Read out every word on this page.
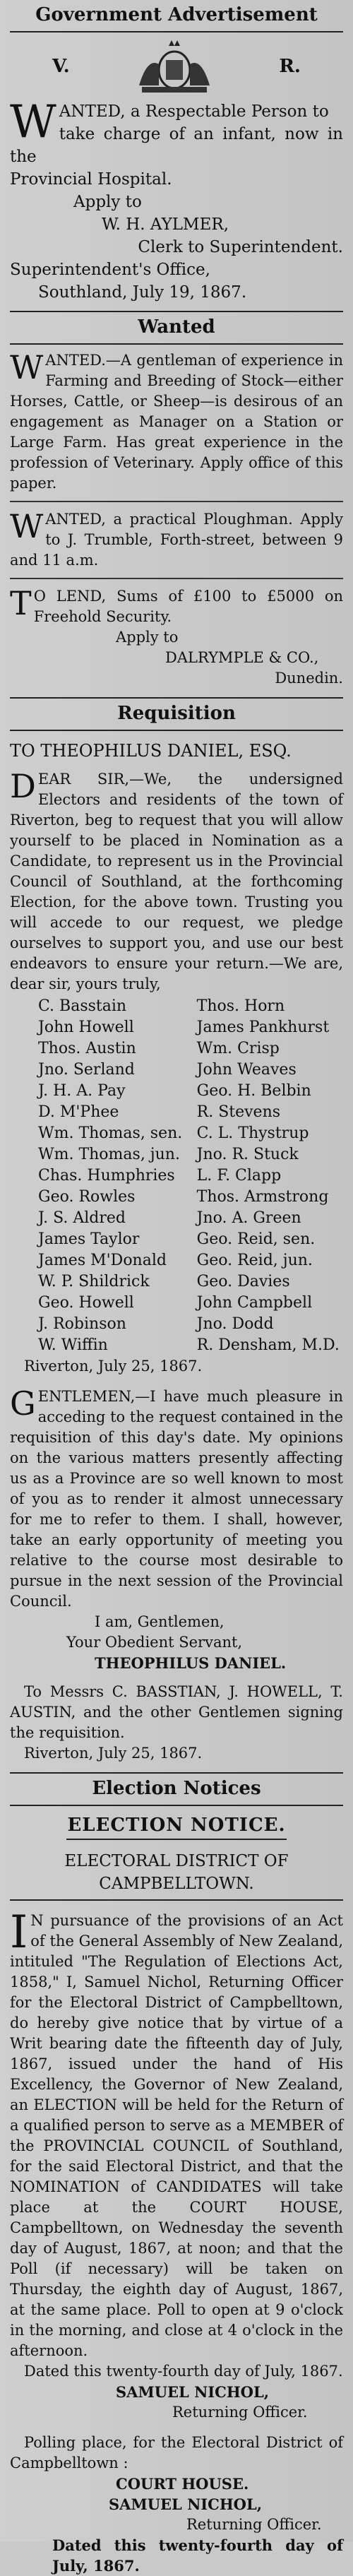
Government Advertisement
V.	R.
W ANTED, a Respectable Person to
take charge of an infant, now in the

Provincial Hospital.
Apply to
W. H. AYLMER,
Clerk to Superintendent.
Superintendent's Office,
Southland, July 19, 1867.
Wanted
WANTED.—A gentleman of experience in Farming and Breeding of Stock—either Horses, Cattle, or Sheep—is desirous of an engagement as Manager on a Station or Large Farm. Has great experience in the profession of Veterinary. Apply office of this paper.
WANTED, a practical Ploughman. Apply to J. Trumble, Forth-street, between 9 and 11 a.m.
T O LEND, Sums of £100 to £5000 on Freehold Security.
Apply to
DALRYMPLE & CO.,
Dunedin.
Requisition
TO THEOPHILUS DANIEL, ESQ.
DEAR SIR,—We, the undersigned Electors and residents of the town of Riverton, beg to request that you will allow yourself to be placed in Nomination as a Candidate, to represent us in the Provincial Council of Southland, at the forthcoming Election, for the above town. Trusting you will accede to our request, we pledge ourselves to support you, and use our best endeavors to ensure your return.—We are, dear sir, yours truly,
C. Basstain
John Howell
Thos. Austin
Jno. Serland
J. H. A. Pay
D. M'Phee
Wm. Thomas, sen.
Wm. Thomas, jun.
Chas. Humphries
Geo. Rowles
J. S. Aldred
James Taylor
James M'Donald
W. P. Shildrick
Geo. Howell
J. Robinson
W. Wiffin
Thos. Horn
James Pankhurst
Wm. Crisp
John Weaves
Geo. H. Belbin
R. Stevens
C. L. Thystrup
Jno. R. Stuck
L. F. Clapp
Thos. Armstrong
Jno. A. Green
Geo. Reid, sen.
Geo. Reid, jun.
Geo. Davies
John Campbell
Jno. Dodd
R. Densham, M.D.
Riverton, July 25, 1867.
GENTLEMEN,—I have much pleasure in acceding to the request contained in the requisition of this day's date. My opinions on the various matters presently affecting us as a Province are so well known to most of you as to render it almost unnecessary for me to refer to them. I shall, however, take an early opportunity of meeting you relative to the course most desirable to pursue in the next session of the Provincial Council.
I am, Gentlemen,
Your Obedient Servant,
THEOPHILUS DANIEL.
To Messrs C. BASSTIAN, J. HOWELL, T. AUSTIN, and the other Gentlemen signing the requisition.
Riverton, July 25, 1867.
Election Notices
ELECTION NOTICE.
ELECTORAL DISTRICT OF CAMPBELLTOWN.
I N pursuance of the provisions of an Act of the General Assembly of New Zealand, intituled "The Regulation of Elections Act, 1858," I, Samuel Nichol, Returning Officer for the Electoral District of Campbelltown, do hereby give notice that by virtue of a Writ bearing date the fifteenth day of July, 1867, issued under the hand of His Excellency, the Governor of New Zealand, an ELECTION will be held for the Return of a qualified person to serve as a MEMBER of the PROVINCIAL COUNCIL of Southland, for the said Electoral District, and that the NOMINATION of CANDIDATES will take place at the COURT HOUSE, Campbelltown, on Wednesday the seventh day of August, 1867, at noon; and that the Poll (if necessary) will be taken on Thursday, the eighth day of August, 1867, at the same place. Poll to open at 9 o'clock in the morning, and close at 4 o'clock in the afternoon.
Dated this twenty-fourth day of July, 1867.
SAMUEL NICHOL,
Returning Officer.
Polling place, for the Electoral District of Campbelltown :
COURT HOUSE.
SAMUEL NICHOL,
Returning Officer.
Dated this twenty-fourth day of July, 1867.
